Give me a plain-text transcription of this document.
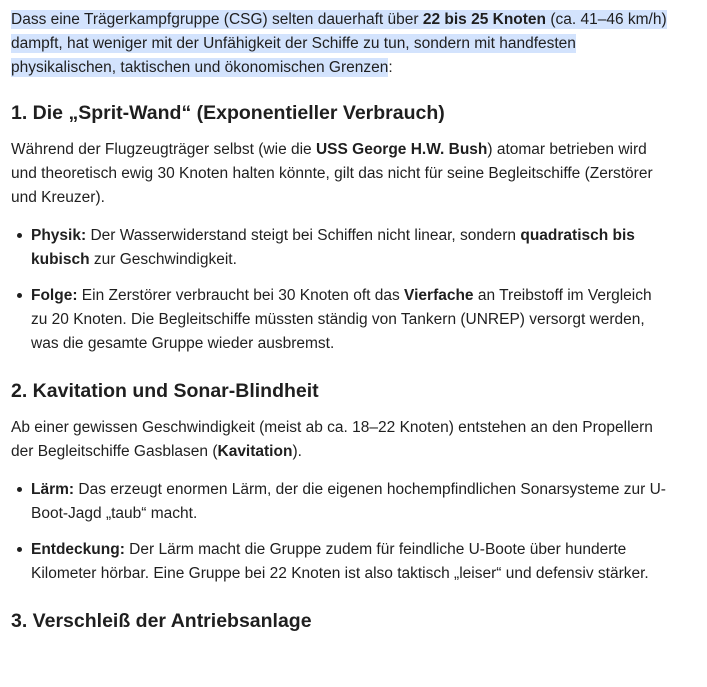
Dass eine Trägerkampfgruppe (CSG) selten dauerhaft über 22 bis 25 Knoten (ca. 41–46 km/h) dampft, hat weniger mit der Unfähigkeit der Schiffe zu tun, sondern mit handfesten physikalischen, taktischen und ökonomischen Grenzen:

1. Die „Sprit-Wand“ (Exponentieller Verbrauch)

Während der Flugzeugträger selbst (wie die USS George H.W. Bush) atomar betrieben wird und theoretisch ewig 30 Knoten halten könnte, gilt das nicht für seine Begleitschiffe (Zerstörer und Kreuzer).

Physik: Der Wasserwiderstand steigt bei Schiffen nicht linear, sondern quadratisch bis kubisch zur Geschwindigkeit.
Folge: Ein Zerstörer verbraucht bei 30 Knoten oft das Vierfache an Treibstoff im Vergleich zu 20 Knoten. Die Begleitschiffe müssten ständig von Tankern (UNREP) versorgt werden, was die gesamte Gruppe wieder ausbremst.
2. Kavitation und Sonar-Blindheit

Ab einer gewissen Geschwindigkeit (meist ab ca. 18–22 Knoten) entstehen an den Propellern der Begleitschiffe Gasblasen (Kavitation).

Lärm: Das erzeugt enormen Lärm, der die eigenen hochempfindlichen Sonarsysteme zur U-Boot-Jagd „taub“ macht.
Entdeckung: Der Lärm macht die Gruppe zudem für feindliche U-Boote über hunderte Kilometer hörbar. Eine Gruppe bei 22 Knoten ist also taktisch „leiser“ und defensiv stärker.
3. Verschleiß der Antriebsanlage
